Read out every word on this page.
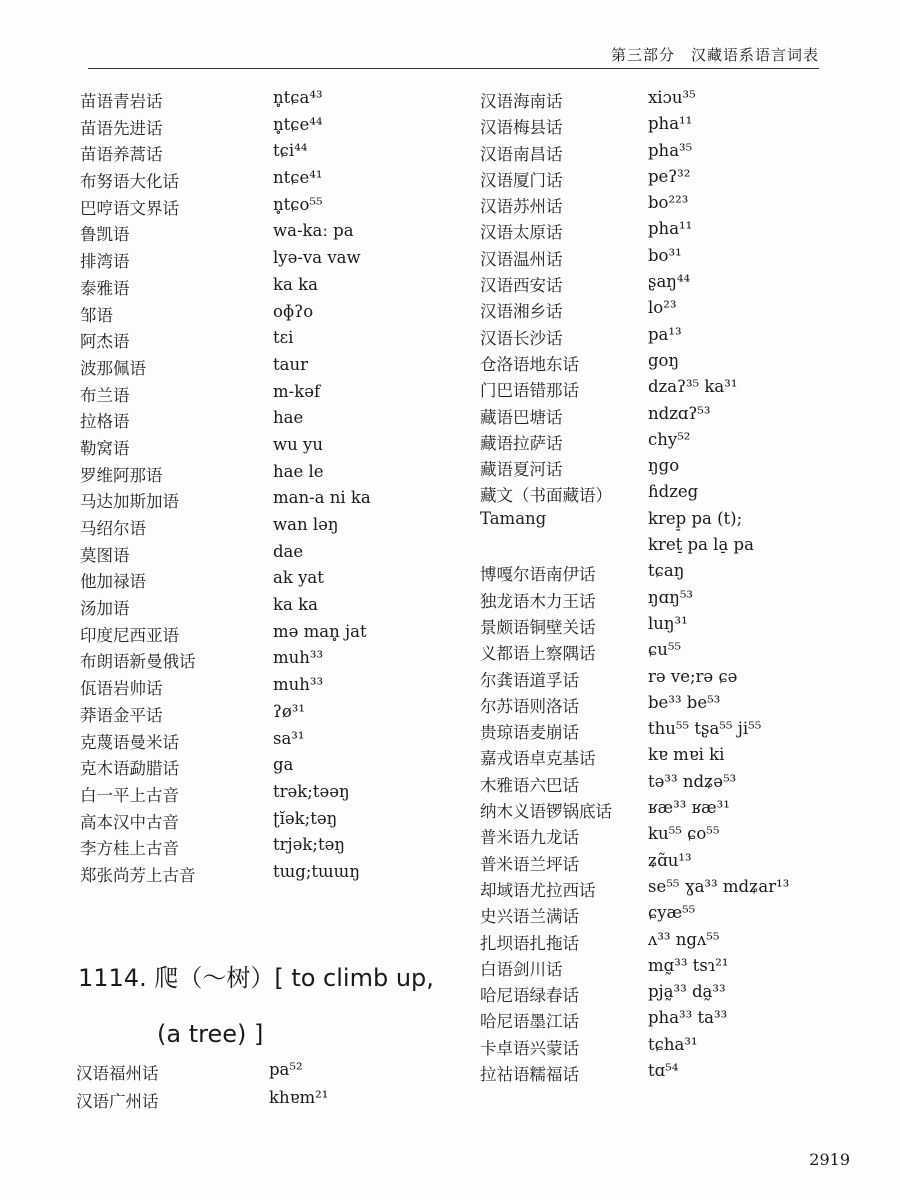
第三部分　汉藏语系语言词表
苗语青岩话	n̥tɕa⁴³
苗语先进话	n̥tɕe⁴⁴
苗语养蒿话	tɕi⁴⁴
布努语大化话	ntɕe⁴¹
巴哼语文界话	n̥tɕo⁵⁵
鲁凯语	wa-kaː pa
排湾语	lyə-va vaw
泰雅语	ka ka
邹语	oɸʔo
阿杰语	tɛi
波那佩语	taur
布兰语	m-kəf
拉格语	hae
勒窝语	wu yu
罗维阿那语	hae le
马达加斯加语	man-a ni ka
马绍尔语	wan ləŋ
莫图语	dae
他加禄语	ak yat
汤加语	ka ka
印度尼西亚语	mə man̥ jat
布朗语新曼俄话	muh³³
佤语岩帅话	muh³³
莽语金平话	ʔø³¹
克蔑语曼米话	sa³¹
克木语勐腊话	ga
白一平上古音	trək;təəŋ
高本汉中古音	ʈĭək;təŋ
李方桂上古音	trjək;təŋ
郑张尚芳上古音	tɯg;tɯɯŋ
1114. 爬（～树）[ to climb up,
(a tree) ]
汉语福州话	pa⁵²
汉语广州话	khɐm²¹
汉语海南话	xiɔu³⁵
汉语梅县话	pha¹¹
汉语南昌话	pha³⁵
汉语厦门话	peʔ³²
汉语苏州话	bo²²³
汉语太原话	pha¹¹
汉语温州话	bo³¹
汉语西安话	ʂaŋ⁴⁴
汉语湘乡话	lo²³
汉语长沙话	pa¹³
仓洛语地东话	goŋ
门巴语错那话	dzaʔ³⁵ ka³¹
藏语巴塘话	ndzɑʔ⁵³
藏语拉萨话	chy⁵²
藏语夏河话	ŋgo
藏文（书面藏语） ɦdzeg
Tamang	krep̠ pa (t);
kret̠ pa la̠ pa
博嘎尔语南伊话	tɕaŋ
独龙语木力王话	ŋɑŋ⁵³
景颇语铜壁关话	luŋ³¹
义都语上察隅话	ɕu⁵⁵
尔龚语道孚话	rə ve;rə ɕə
尔苏语则洛话	be³³ be⁵³
贵琼语麦崩话	thu⁵⁵ tʂa⁵⁵ ji⁵⁵
嘉戎语卓克基话	kɐ mɐi ki
木雅语六巴话	tə³³ ndʑə⁵³
纳木义语锣锅底话 ʁæ³³ ʁæ³¹
普米语九龙话	ku⁵⁵ ɕo⁵⁵
普米语兰坪话	ʑɑ̃u¹³
却域语尤拉西话	se⁵⁵ ɣa³³ mdʑar¹³
史兴语兰满话	ɕyæ⁵⁵
扎坝语扎拖话	ʌ³³ ngʌ⁵⁵
白语剑川话	mɑ̰³³ tsɿ²¹
哈尼语绿春话	pja̰³³ da̰³³
哈尼语墨江话	pha³³ ta³³
卡卓语兴蒙话	tɕha³¹
拉祜语糯福话	tɑ⁵⁴
2919
